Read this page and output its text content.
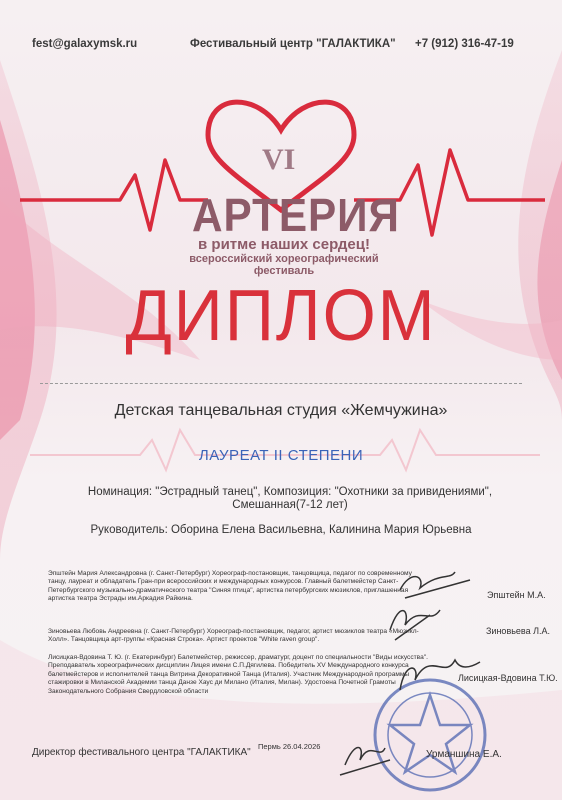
fest@galaxymsk.ru	Фестивальный центр "ГАЛАКТИКА" +7 (912) 316-47-19
VI
АРТЕРИЯ
в ритме наших сердец!
всероссийский хореографический
фестиваль
ДИПЛОМ
Детская танцевальная студия «Жемчужина»
ЛАУРЕАТ II СТЕПЕНИ
Номинация: "Эстрадный танец", Композиция: "Охотники за привидениями", Смешанная(7-12 лет)
Руководитель: Оборина Елена Васильевна, Калинина Мария Юрьевна
Эпштейн Мария Александровна (г. Санкт-Петербург) Хореограф-постановщик, танцовщица, педагог по современному танцу, лауреат и обладатель Гран-при всероссийских и международных конкурсов. Главный балетмейстер Санкт-Петербургского музыкально-драматического театра "Синяя птица", артистка петербургских мюзиклов, приглашенная артистка театра Эстрады им.Аркадия Райкина.
Зиновьева Любовь Андреевна (г. Санкт-Петербург) Хореограф-постановщик, педагог, артист мюзиклов театра «Мюзикл-Холл». Танцовщица арт-группы «Красная Строка». Артист проектов "White raven group".
Лисицкая-Вдовина Т. Ю. (г. Екатеринбург) Балетмейстер, режиссер, драматург, доцент по специальности "Виды искусства". Преподаватель хореографических дисциплин Лицея имени С.П.Дягилева. Победитель XV Международного конкурса балетмейстеров и исполнителей танца Витрина Декоративной Танца (Италия). Участник Международной программы стажировки в Миланской Академии танца Данзе Хаус ди Милано (Италия, Милан). Удостоена Почетной Грамоты Законодательного Собрания Свердловской области
Эпштейн М.А.
Зиновьева Л.А.
Лисицкая-Вдовина Т.Ю.
Директор фестивального центра "ГАЛАКТИКА"
Пермь 26.04.2026
Урманшина Е.А.
